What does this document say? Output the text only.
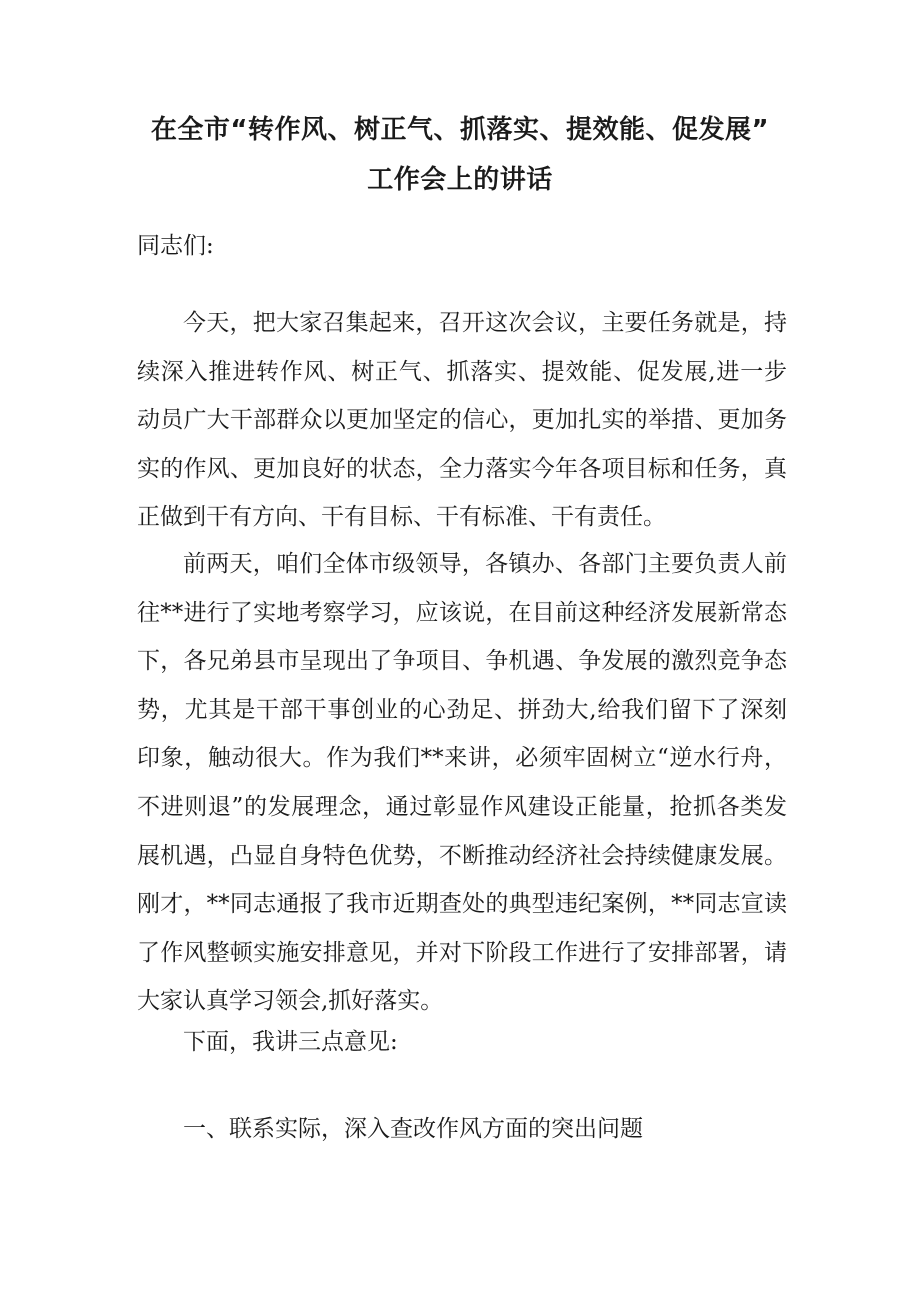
在全市“转作风、树正气、抓落实、提效能、促发展”
工作会上的讲话
同志们:
今天，把大家召集起来，召开这次会议，主要任务就是，持续深入推进转作风、树正气、抓落实、提效能、促发展,进一步动员广大干部群众以更加坚定的信心，更加扎实的举措、更加务实的作风、更加良好的状态，全力落实今年各项目标和任务，真正做到干有方向、干有目标、干有标准、干有责任。
前两天，咱们全体市级领导，各镇办、各部门主要负责人前往**进行了实地考察学习，应该说，在目前这种经济发展新常态下，各兄弟县市呈现出了争项目、争机遇、争发展的激烈竞争态势，尤其是干部干事创业的心劲足、拼劲大,给我们留下了深刻印象，触动很大。作为我们**来讲，必须牢固树立“逆水行舟，不进则退”的发展理念，通过彰显作风建设正能量，抢抓各类发展机遇，凸显自身特色优势，不断推动经济社会持续健康发展。刚才，**同志通报了我市近期查处的典型违纪案例，**同志宣读了作风整顿实施安排意见，并对下阶段工作进行了安排部署，请大家认真学习领会,抓好落实。
下面，我讲三点意见:
一、联系实际，深入查改作风方面的突出问题
